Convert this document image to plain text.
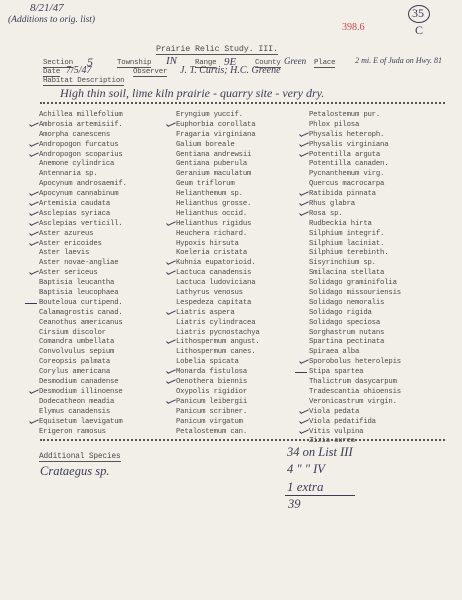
8/21/47
(Additions to orig. list)
398.6
35
C
Prairie Relic Study. III.
Section 5	Township IN Range 9E	County Green Place	2 mi. E of Juda on Hwy. 81
Date 7/5/47	Observer J. T. Curtis; H.C. Greene
Habitat Description
High thin soil, lime kiln prairie - quarry site - very dry.
Achillea millefolium
Ambrosia artemisiif.
Amorpha canescens
Andropogon furcatus
Andropogon scoparius
Anemone cylindrica
Antennaria sp.
Apocynum androsaemif.
Apocynum cannabinum
Artemisia caudata
Asclepias syriaca
Asclepias verticill.
Aster azureus
Aster ericoides
Aster laevis
Aster novae-angliae
Aster sericeus
Baptisia leucantha
Baptisia leucophaea
Bouteloua curtipend.
Calamagrostis canad.
Ceanothus americanus
Cirsium discolor
Comandra umbellata
Convolvulus sepium
Coreopsis palmata
Corylus americana
Desmodium canadense
Desmodium illinoense
Dodecatheon meadia
Elymus canadensis
Equisetum laevigatum
Erigeron ramosus
Eryngium yuccif.
Euphorbia corollata
Fragaria virginiana
Galium boreale
Gentiana andrewsii
Gentiana puberula
Geranium maculatum
Geum triflorum
Helianthemum sp.
Helianthus grosse.
Helianthus occid.
Helianthus rigidus
Heuchera richard.
Hypoxis hirsuta
Koeleria cristata
Kuhnia eupatorioid.
Lactuca canadensis
Lactuca ludoviciana
Lathyrus venosus
Lespedeza capitata
Liatris aspera
Liatris cylindracea
Liatris pycnostachya
Lithospermum angust.
Lithospermum canes.
Lobelia spicata
Monarda fistulosa
Oenothera biennis
Oxypolis rigidior
Panicum leibergii
Panicum scribner.
Panicum virgatum
Petalostemum can.
Petalostemum pur.
Phlox pilosa
Physalis heteroph.
Physalis virginiana
Potentilla arguta
Potentilla canaden.
Pycnanthemum virg.
Quercus macrocarpa
Ratibida pinnata
Rhus glabra
Rosa sp.
Rudbeckia hirta
Silphium integrif.
Silphium laciniat.
Silphium terebinth.
Sisyrinchium sp.
Smilacina stellata
Solidago graminifolia
Solidago missouriensis
Solidago nemoralis
Solidago rigida
Solidago speciosa
Sorghastrum nutans
Spartina pectinata
Spiraea alba
Sporobolus heterolepis
Stipa spartea
Thalictrum dasycarpum
Tradescantia ohioensis
Veronicastrum virgin.
Viola pedata
Viola pedatifida
Vitis vulpina
Zizia aurea
Additional Species
Crataegus sp.
34 on List III
4 " " IV
1 extra
39
